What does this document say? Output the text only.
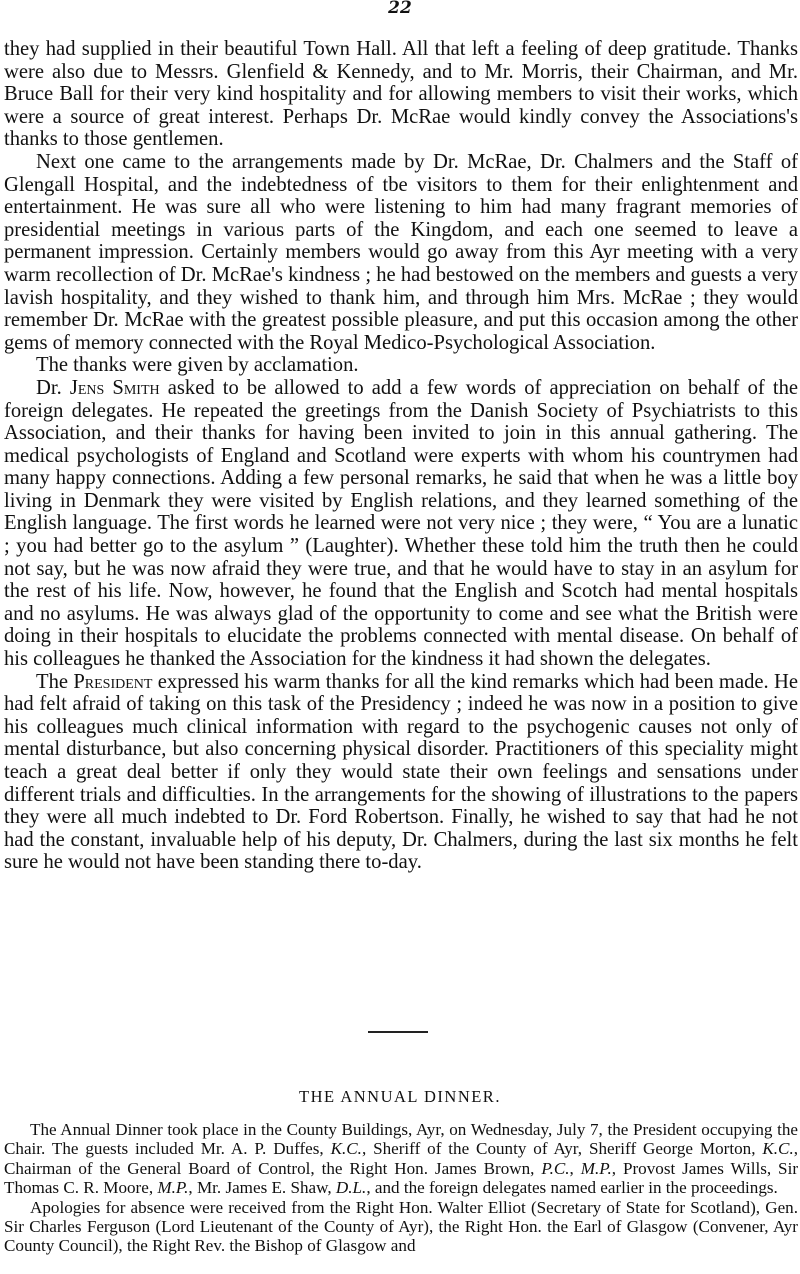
22

they had supplied in their beautiful Town Hall. All that left a feeling of deep gratitude. Thanks were also due to Messrs. Glenfield & Kennedy, and to Mr. Morris, their Chairman, and Mr. Bruce Ball for their very kind hospitality and for allowing members to visit their works, which were a source of great interest. Perhaps Dr. McRae would kindly convey the Associations's thanks to those gentlemen.

Next one came to the arrangements made by Dr. McRae, Dr. Chalmers and the Staff of Glengall Hospital, and the indebtedness of tbe visitors to them for their enlightenment and entertainment. He was sure all who were listening to him had many fragrant memories of presidential meetings in various parts of the Kingdom, and each one seemed to leave a permanent impression. Certainly members would go away from this Ayr meeting with a very warm recollection of Dr. McRae's kindness ; he had bestowed on the members and guests a very lavish hospitality, and they wished to thank him, and through him Mrs. McRae ; they would remember Dr. McRae with the greatest possible pleasure, and put this occasion among the other gems of memory connected with the Royal Medico-Psychological Association.

The thanks were given by acclamation.

Dr. Jens Smith asked to be allowed to add a few words of appreciation on behalf of the foreign delegates. He repeated the greetings from the Danish Society of Psychiatrists to this Association, and their thanks for having been invited to join in this annual gathering. The medical psychologists of England and Scotland were experts with whom his countrymen had many happy connections. Adding a few personal remarks, he said that when he was a little boy living in Denmark they were visited by English relations, and they learned something of the English language. The first words he learned were not very nice ; they were, “ You are a lunatic ; you had better go to the asylum ” (Laughter). Whether these told him the truth then he could not say, but he was now afraid they were true, and that he would have to stay in an asylum for the rest of his life. Now, however, he found that the English and Scotch had mental hospitals and no asylums. He was always glad of the opportunity to come and see what the British were doing in their hospitals to elucidate the problems connected with mental disease. On behalf of his colleagues he thanked the Association for the kindness it had shown the delegates.

The President expressed his warm thanks for all the kind remarks which had been made. He had felt afraid of taking on this task of the Presidency ; indeed he was now in a position to give his colleagues much clinical information with regard to the psychogenic causes not only of mental disturbance, but also concerning physical disorder. Practitioners of this speciality might teach a great deal better if only they would state their own feelings and sensations under different trials and difficulties. In the arrangements for the showing of illustrations to the papers they were all much indebted to Dr. Ford Robertson. Finally, he wished to say that had he not had the constant, invaluable help of his deputy, Dr. Chalmers, during the last six months he felt sure he would not have been standing there to-day.

THE ANNUAL DINNER.

The Annual Dinner took place in the County Buildings, Ayr, on Wednesday, July 7, the President occupying the Chair. The guests included Mr. A. P. Duffes, K.C., Sheriff of the County of Ayr, Sheriff George Morton, K.C., Chairman of the General Board of Control, the Right Hon. James Brown, P.C., M.P., Provost James Wills, Sir Thomas C. R. Moore, M.P., Mr. James E. Shaw, D.L., and the foreign delegates named earlier in the proceedings.

Apologies for absence were received from the Right Hon. Walter Elliot (Secretary of State for Scotland), Gen. Sir Charles Ferguson (Lord Lieutenant of the County of Ayr), the Right Hon. the Earl of Glasgow (Convener, Ayr County Council), the Right Rev. the Bishop of Glasgow and
